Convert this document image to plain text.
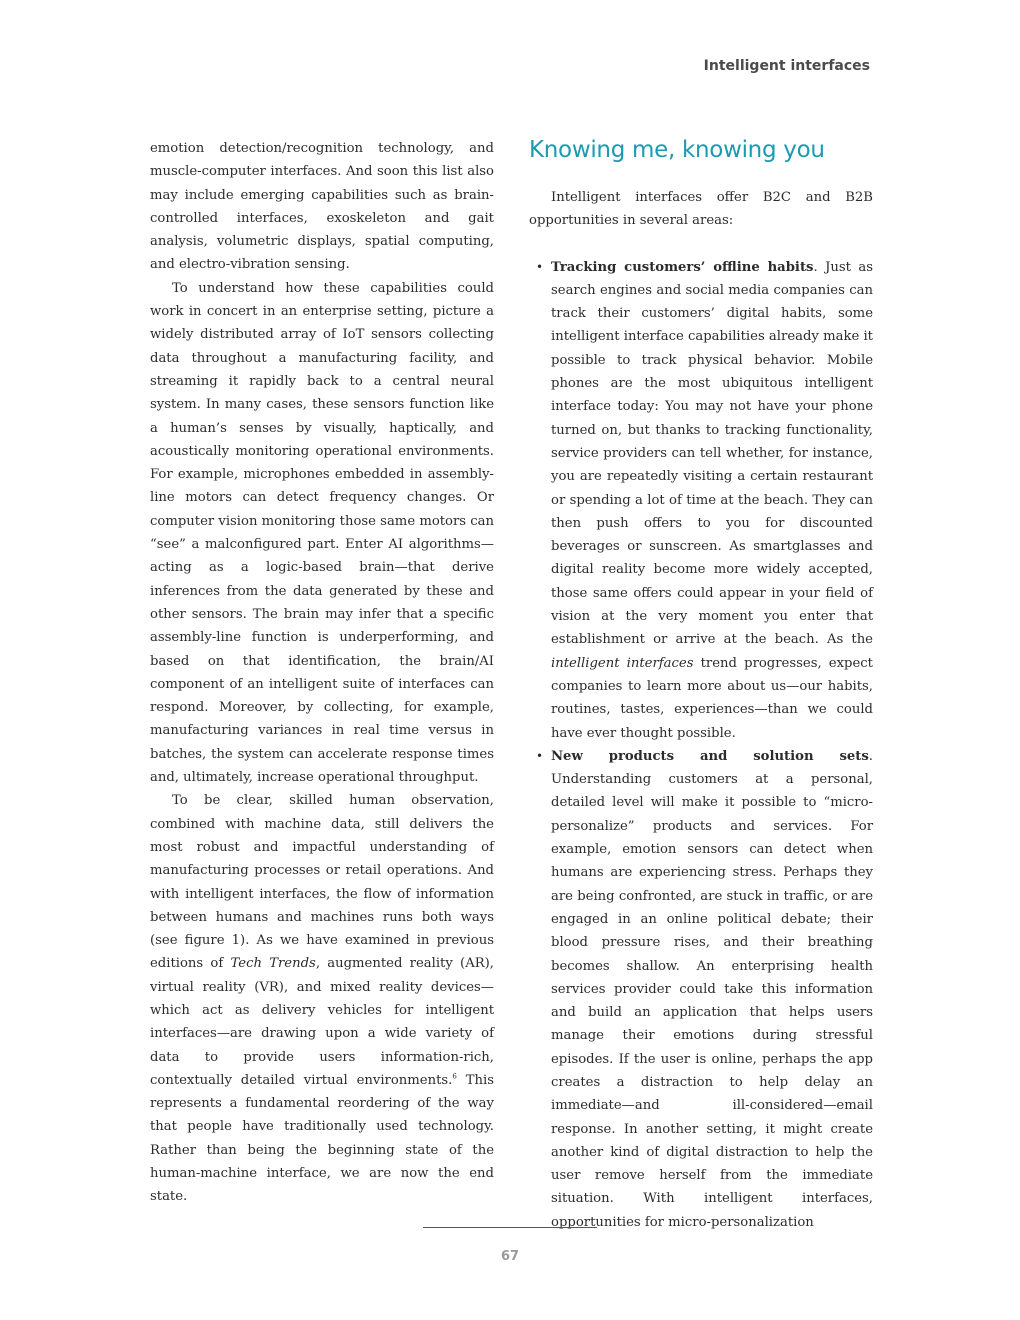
Intelligent interfaces

emotion detection/recognition technology, and muscle-computer interfaces. And soon this list also may include emerging capabilities such as brain-controlled interfaces, exoskeleton and gait analysis, volumetric displays, spatial computing, and electro-vibration sensing.

To understand how these capabilities could work in concert in an enterprise setting, picture a widely distributed array of IoT sensors collecting data throughout a manufacturing facility, and streaming it rapidly back to a central neural system. In many cases, these sensors function like a human’s senses by visually, haptically, and acoustically monitoring operational environments. For example, microphones embedded in assembly-line motors can detect frequency changes. Or computer vision monitoring those same motors can “see” a malconfigured part. Enter AI algorithms—acting as a logic-based brain—that derive inferences from the data generated by these and other sensors. The brain may infer that a specific assembly-line function is underperforming, and based on that identification, the brain/AI component of an intelligent suite of interfaces can respond. Moreover, by collecting, for example, manufacturing variances in real time versus in batches, the system can accelerate response times and, ultimately, increase operational throughput.

To be clear, skilled human observation, combined with machine data, still delivers the most robust and impactful understanding of manufacturing processes or retail operations. And with intelligent interfaces, the flow of information between humans and machines runs both ways (see figure 1). As we have examined in previous editions of Tech Trends, augmented reality (AR), virtual reality (VR), and mixed reality devices—which act as delivery vehicles for intelligent interfaces—are drawing upon a wide variety of data to provide users information-rich, contextually detailed virtual environments.$^6$ This represents a fundamental reordering of the way that people have traditionally used technology. Rather than being the beginning state of the human-machine interface, we are now the end state.

Knowing me, knowing you

Intelligent interfaces offer B2C and B2B opportunities in several areas:

• Tracking customers’ offline habits. Just as search engines and social media companies can track their customers’ digital habits, some intelligent interface capabilities already make it possible to track physical behavior. Mobile phones are the most ubiquitous intelligent interface today: You may not have your phone turned on, but thanks to tracking functionality, service providers can tell whether, for instance, you are repeatedly visiting a certain restaurant or spending a lot of time at the beach. They can then push offers to you for discounted beverages or sunscreen. As smartglasses and digital reality become more widely accepted, those same offers could appear in your field of vision at the very moment you enter that establishment or arrive at the beach. As the intelligent interfaces trend progresses, expect companies to learn more about us—our habits, routines, tastes, experiences—than we could have ever thought possible.
• New products and solution sets. Understanding customers at a personal, detailed level will make it possible to “micro-personalize” products and services. For example, emotion sensors can detect when humans are experiencing stress. Perhaps they are being confronted, are stuck in traffic, or are engaged in an online political debate; their blood pressure rises, and their breathing becomes shallow. An enterprising health services provider could take this information and build an application that helps users manage their emotions during stressful episodes. If the user is online, perhaps the app creates a distraction to help delay an immediate—and ill-considered—email response. In another setting, it might create another kind of digital distraction to help the user remove herself from the immediate situation. With intelligent interfaces, opportunities for micro-personalization
67
